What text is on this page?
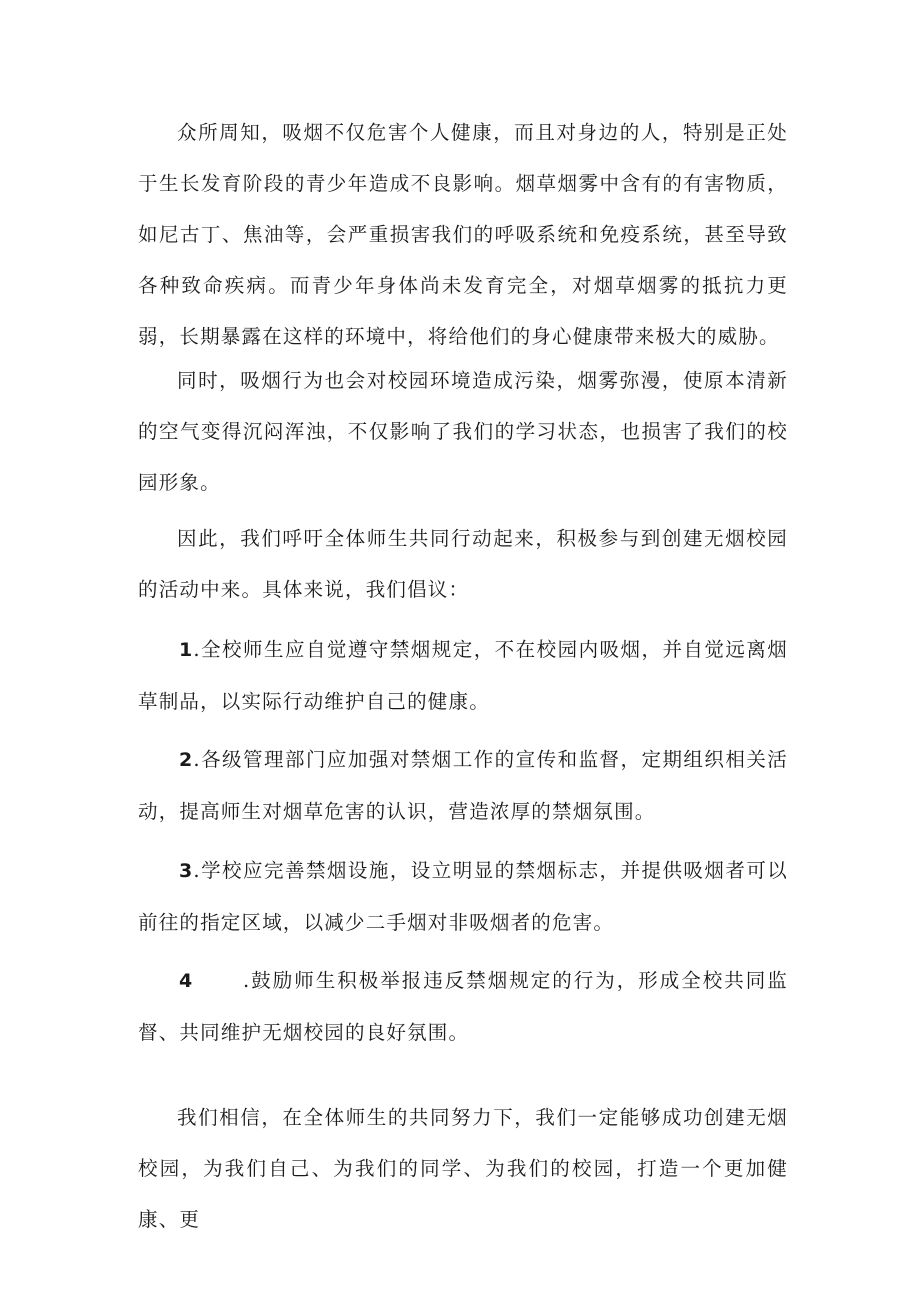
众所周知，吸烟不仅危害个人健康，而且对身边的人，特别是正处于生长发育阶段的青少年造成不良影响。烟草烟雾中含有的有害物质，如尼古丁、焦油等，会严重损害我们的呼吸系统和免疫系统，甚至导致各种致命疾病。而青少年身体尚未发育完全，对烟草烟雾的抵抗力更弱，长期暴露在这样的环境中，将给他们的身心健康带来极大的威胁。

同时，吸烟行为也会对校园环境造成污染，烟雾弥漫，使原本清新的空气变得沉闷浑浊，不仅影响了我们的学习状态，也损害了我们的校园形象。

因此，我们呼吁全体师生共同行动起来，积极参与到创建无烟校园的活动中来。具体来说，我们倡议：

1.全校师生应自觉遵守禁烟规定，不在校园内吸烟，并自觉远离烟草制品，以实际行动维护自己的健康。

2.各级管理部门应加强对禁烟工作的宣传和监督，定期组织相关活动，提高师生对烟草危害的认识，营造浓厚的禁烟氛围。

3.学校应完善禁烟设施，设立明显的禁烟标志，并提供吸烟者可以前往的指定区域，以减少二手烟对非吸烟者的危害。

4	.鼓励师生积极举报违反禁烟规定的行为，形成全校共同监督、共同维护无烟校园的良好氛围。

我们相信，在全体师生的共同努力下，我们一定能够成功创建无烟校园，为我们自己、为我们的同学、为我们的校园，打造一个更加健康、更
